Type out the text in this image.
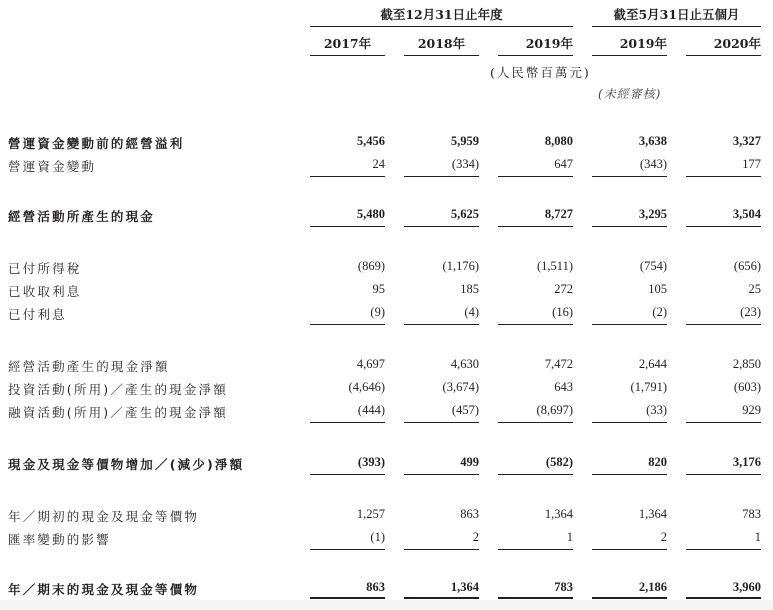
截至12月31日止年度	截至5月31日止五個月
2017年	2018年	2019年	2019年	2020年
(人民幣百萬元)
(未經審核)
營運資金變動前的經營溢利	5,456	5,959	8,080	3,638	3,327
營運資金變動	24	(334)	647	(343)	177
經營活動所產生的現金	5,480	5,625	8,727	3,295	3,504
已付所得稅	(869)	(1,176)	(1,511)	(754)	(656)
已收取利息	95	185	272	105	25
已付利息	(9)	(4)	(16)	(2)	(23)
經營活動產生的現金淨額	4,697	4,630	7,472	2,644	2,850
投資活動(所用)／產生的現金淨額	(4,646)	(3,674)	643	(1,791)	(603)
融資活動(所用)／產生的現金淨額	(444)	(457)	(8,697)	(33)	929
現金及現金等價物增加／(減少)淨額	(393)	499	(582)	820	3,176
年／期初的現金及現金等價物	1,257	863	1,364	1,364	783
匯率變動的影響	(1)	2	1	2	1
年／期末的現金及現金等價物	863	1,364	783	2,186	3,960
